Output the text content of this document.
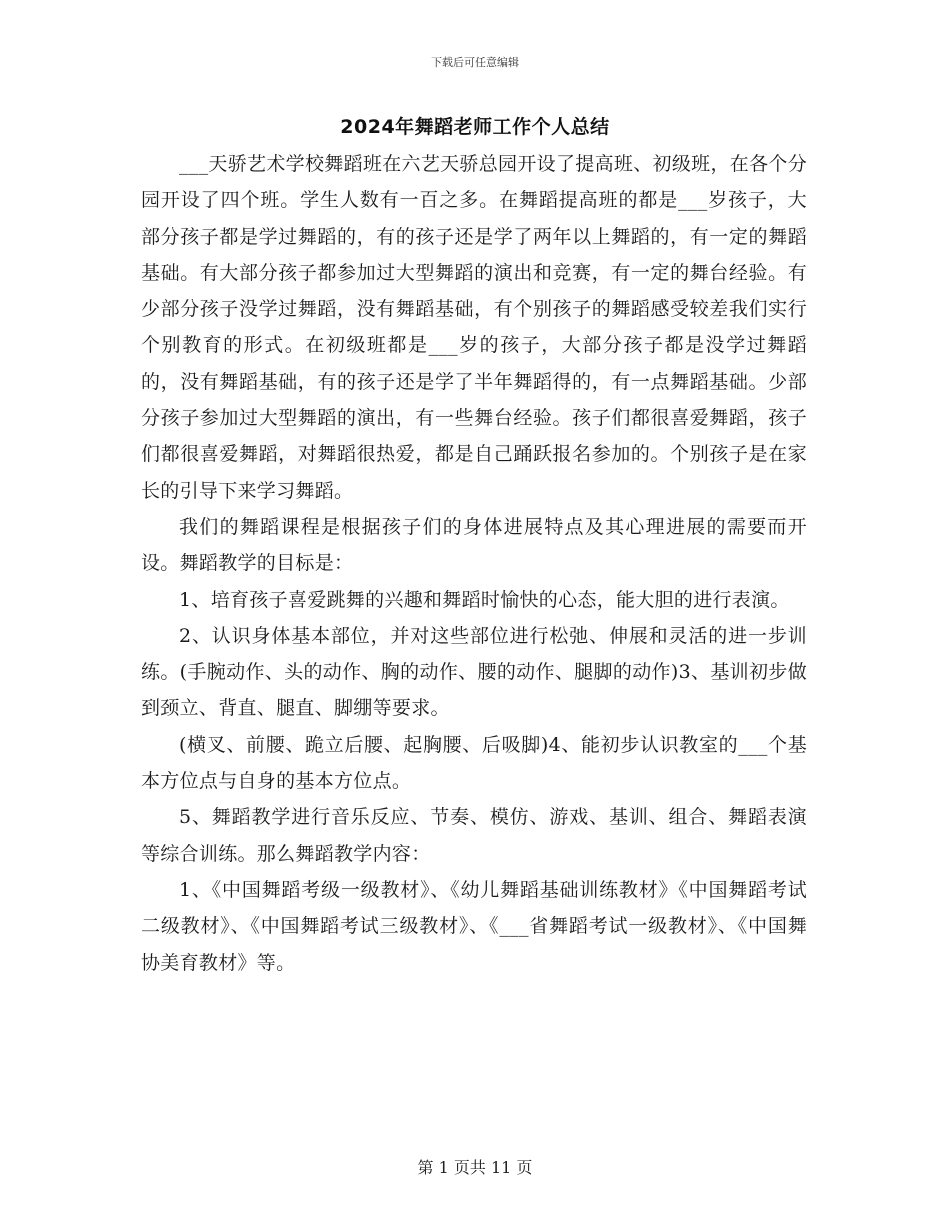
下载后可任意编辑
2024年舞蹈老师工作个人总结

___天骄艺术学校舞蹈班在六艺天骄总园开设了提高班、初级班，在各个分园开设了四个班。学生人数有一百之多。在舞蹈提高班的都是___岁孩子，大部分孩子都是学过舞蹈的，有的孩子还是学了两年以上舞蹈的，有一定的舞蹈基础。有大部分孩子都参加过大型舞蹈的演出和竞赛，有一定的舞台经验。有少部分孩子没学过舞蹈，没有舞蹈基础，有个别孩子的舞蹈感受较差我们实行个别教育的形式。在初级班都是___岁的孩子，大部分孩子都是没学过舞蹈的，没有舞蹈基础，有的孩子还是学了半年舞蹈得的，有一点舞蹈基础。少部分孩子参加过大型舞蹈的演出，有一些舞台经验。孩子们都很喜爱舞蹈，孩子们都很喜爱舞蹈，对舞蹈很热爱，都是自己踊跃报名参加的。个别孩子是在家长的引导下来学习舞蹈。

我们的舞蹈课程是根据孩子们的身体进展特点及其心理进展的需要而开设。舞蹈教学的目标是：

1、培育孩子喜爱跳舞的兴趣和舞蹈时愉快的心态，能大胆的进行表演。

2、认识身体基本部位，并对这些部位进行松弛、伸展和灵活的进一步训练。(手腕动作、头的动作、胸的动作、腰的动作、腿脚的动作)3、基训初步做到颈立、背直、腿直、脚绷等要求。

(横叉、前腰、跪立后腰、起胸腰、后吸脚)4、能初步认识教室的___个基本方位点与自身的基本方位点。

5、舞蹈教学进行音乐反应、节奏、模仿、游戏、基训、组合、舞蹈表演等综合训练。那么舞蹈教学内容：

1、《中国舞蹈考级一级教材》、《幼儿舞蹈基础训练教材》《中国舞蹈考试二级教材》、《中国舞蹈考试三级教材》、《___省舞蹈考试一级教材》、《中国舞协美育教材》等。

第 1 页共 11 页
